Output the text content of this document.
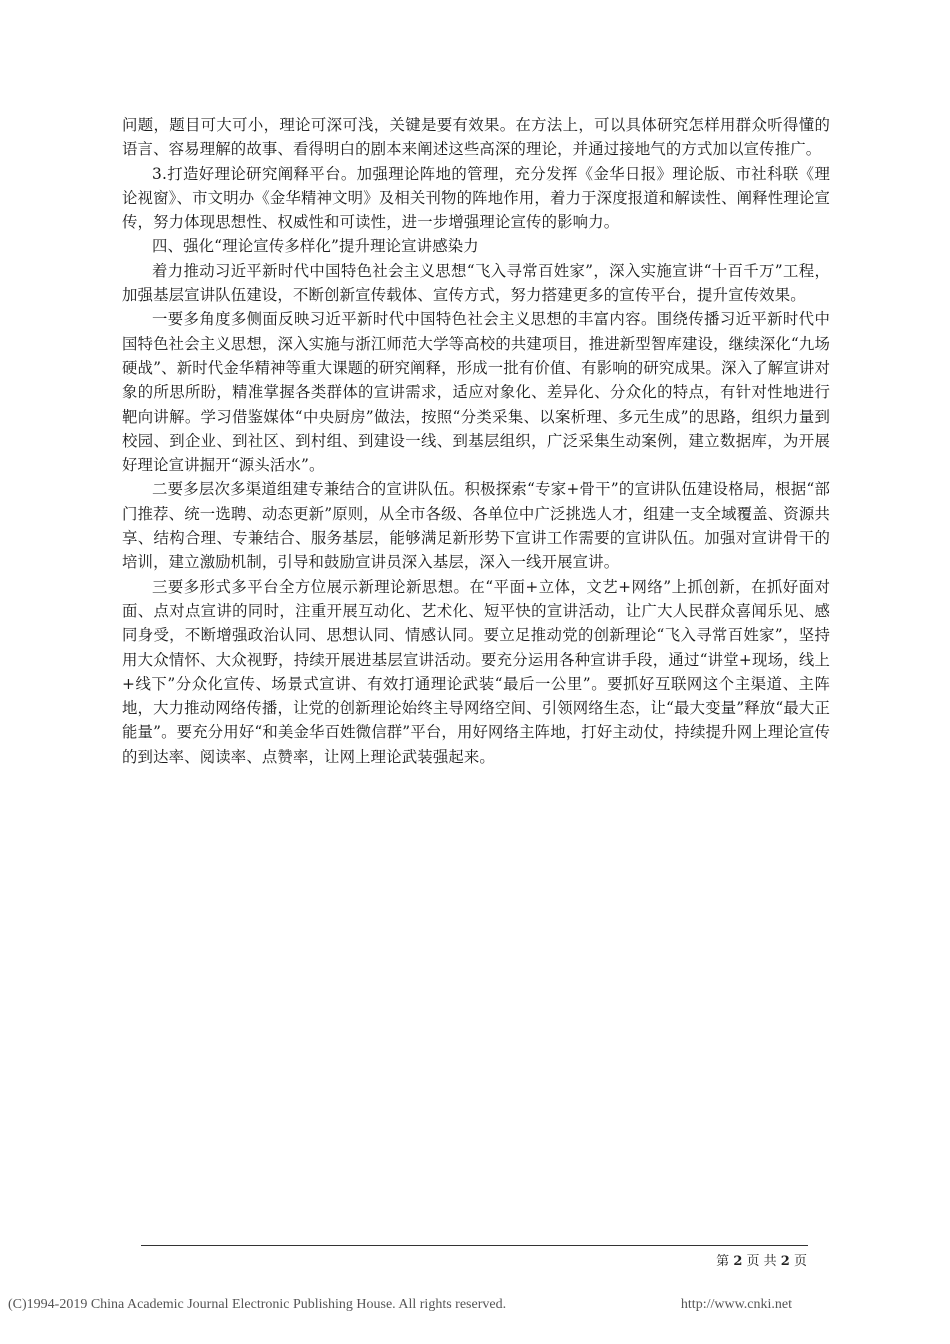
问题，题目可大可小，理论可深可浅，关键是要有效果。在方法上，可以具体研究怎样用群众听得懂的语言、容易理解的故事、看得明白的剧本来阐述这些高深的理论，并通过接地气的方式加以宣传推广。

3.打造好理论研究阐释平台。加强理论阵地的管理，充分发挥《金华日报》理论版、市社科联《理论视窗》、市文明办《金华精神文明》及相关刊物的阵地作用，着力于深度报道和解读性、阐释性理论宣传，努力体现思想性、权威性和可读性，进一步增强理论宣传的影响力。

四、强化“理论宣传多样化”提升理论宣讲感染力

着力推动习近平新时代中国特色社会主义思想“飞入寻常百姓家”，深入实施宣讲“十百千万”工程，加强基层宣讲队伍建设，不断创新宣传载体、宣传方式，努力搭建更多的宣传平台，提升宣传效果。

一要多角度多侧面反映习近平新时代中国特色社会主义思想的丰富内容。围绕传播习近平新时代中国特色社会主义思想，深入实施与浙江师范大学等高校的共建项目，推进新型智库建设，继续深化“九场硬战”、新时代金华精神等重大课题的研究阐释，形成一批有价值、有影响的研究成果。深入了解宣讲对象的所思所盼，精准掌握各类群体的宣讲需求，适应对象化、差异化、分众化的特点，有针对性地进行靶向讲解。学习借鉴媒体“中央厨房”做法，按照“分类采集、以案析理、多元生成”的思路，组织力量到校园、到企业、到社区、到村组、到建设一线、到基层组织，广泛采集生动案例，建立数据库，为开展好理论宣讲掘开“源头活水”。

二要多层次多渠道组建专兼结合的宣讲队伍。积极探索“专家+骨干”的宣讲队伍建设格局，根据“部门推荐、统一选聘、动态更新”原则，从全市各级、各单位中广泛挑选人才，组建一支全域覆盖、资源共享、结构合理、专兼结合、服务基层，能够满足新形势下宣讲工作需要的宣讲队伍。加强对宣讲骨干的培训，建立激励机制，引导和鼓励宣讲员深入基层，深入一线开展宣讲。

三要多形式多平台全方位展示新理论新思想。在“平面+立体，文艺+网络”上抓创新，在抓好面对面、点对点宣讲的同时，注重开展互动化、艺术化、短平快的宣讲活动，让广大人民群众喜闻乐见、感同身受，不断增强政治认同、思想认同、情感认同。要立足推动党的创新理论“飞入寻常百姓家”，坚持用大众情怀、大众视野，持续开展进基层宣讲活动。要充分运用各种宣讲手段，通过“讲堂+现场，线上+线下”分众化宣传、场景式宣讲、有效打通理论武装“最后一公里”。要抓好互联网这个主渠道、主阵地，大力推动网络传播，让党的创新理论始终主导网络空间、引领网络生态，让“最大变量”释放“最大正能量”。要充分用好“和美金华百姓微信群”平台，用好网络主阵地，打好主动仗，持续提升网上理论宣传的到达率、阅读率、点赞率，让网上理论武装强起来。

第 2 页 共 2 页
(C)1994-2019 China Academic Journal Electronic Publishing House. All rights reserved.	http://www.cnki.net
